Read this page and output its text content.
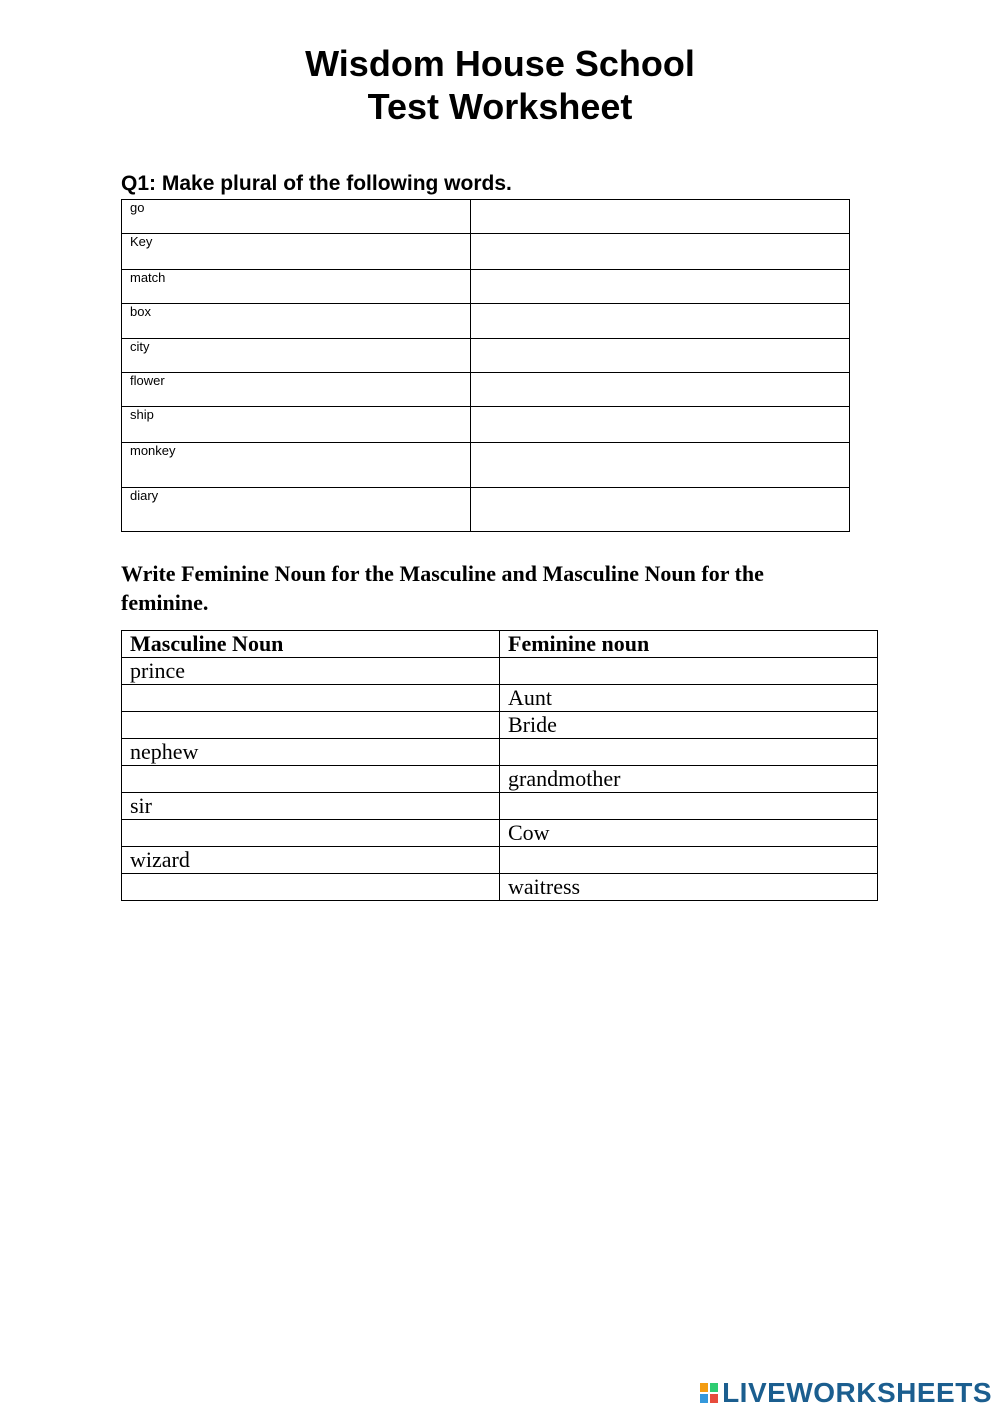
Wisdom House School
Test Worksheet

Q1: Make plural of the following words.

go	
Key	
match	
box	
city	
flower	
ship	
monkey	
diary	

Write Feminine Noun for the Masculine and Masculine Noun for the feminine.

Masculine Noun	Feminine noun
prince	
	Aunt
	Bride
nephew	
	grandmother
sir	
	Cow
wizard	
	waitress
LIVEWORKSHEETS
